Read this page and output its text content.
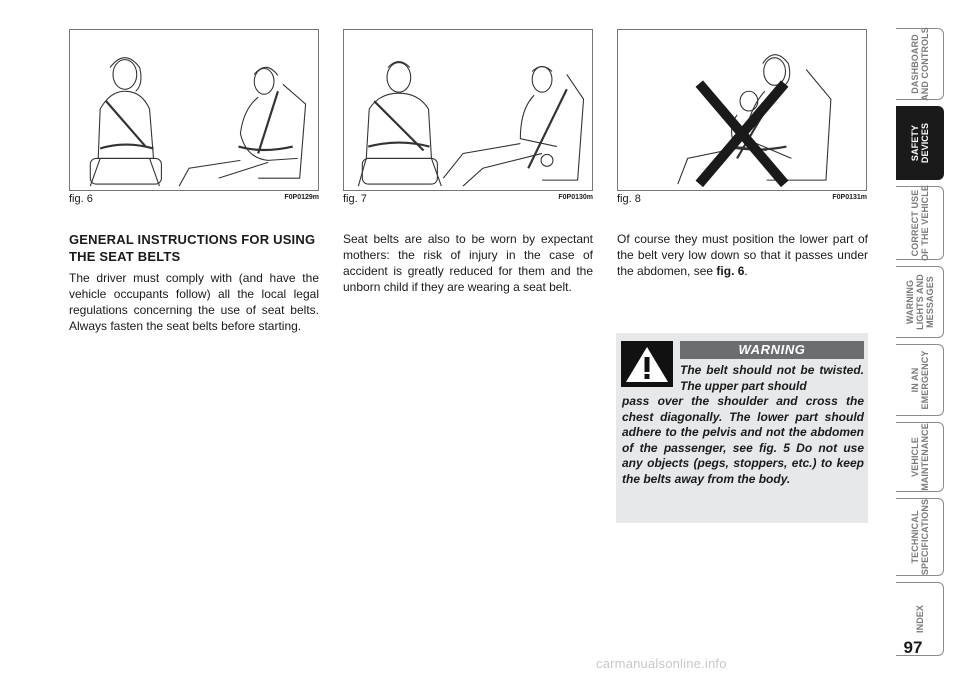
fig. 6	F0P0129m fig. 7	F0P0130m fig. 8	F0P0131m
GENERAL INSTRUCTIONS FOR USING THE SEAT BELTS
The driver must comply with (and have the vehicle occupants follow) all the local legal regulations concerning the use of seat belts. Always fasten the seat belts before starting.
Seat belts are also to be worn by expectant mothers: the risk of injury in the case of accident is greatly reduced for them and the unborn child if they are wearing a seat belt.
Of course they must position the lower part of the belt very low down so that it passes under the abdomen, see fig. 6.
WARNING
The belt should not be twisted. The upper part should
pass over the shoulder and cross the chest diagonally. The lower part should adhere to the pelvis and not the abdomen of the passenger, see fig. 5 Do not use any objects (pegs, stoppers, etc.) to keep the belts away from the body.
DASHBOARD
AND CONTROLS
SAFETY
DEVICES
CORRECT USE
OF THE VEHICLE
WARNING
LIGHTS AND
MESSAGES
IN AN
EMERGENCY
VEHICLE
MAINTENANCE
TECHNICAL
SPECIFICATIONS
INDEX
97
carmanualsonline.info
